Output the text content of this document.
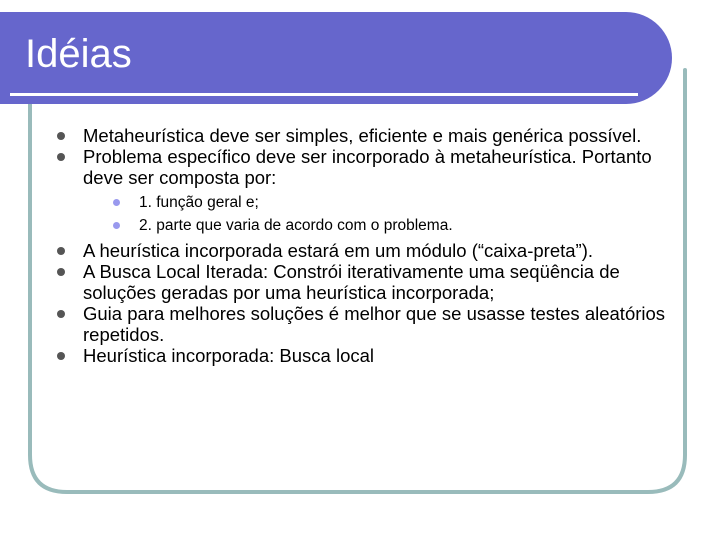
Idéias
Metaheurística deve ser simples, eficiente e mais genérica possível.
Problema específico deve ser incorporado à metaheurística. Portanto deve ser composta por:
1. função geral e;
2. parte que varia de acordo com o problema.
A heurística incorporada estará em um módulo (“caixa-preta”).
A Busca Local Iterada: Constrói iterativamente uma seqüência de soluções geradas por uma heurística incorporada;
Guia para melhores soluções é melhor que se usasse testes aleatórios repetidos.
Heurística incorporada: Busca local
